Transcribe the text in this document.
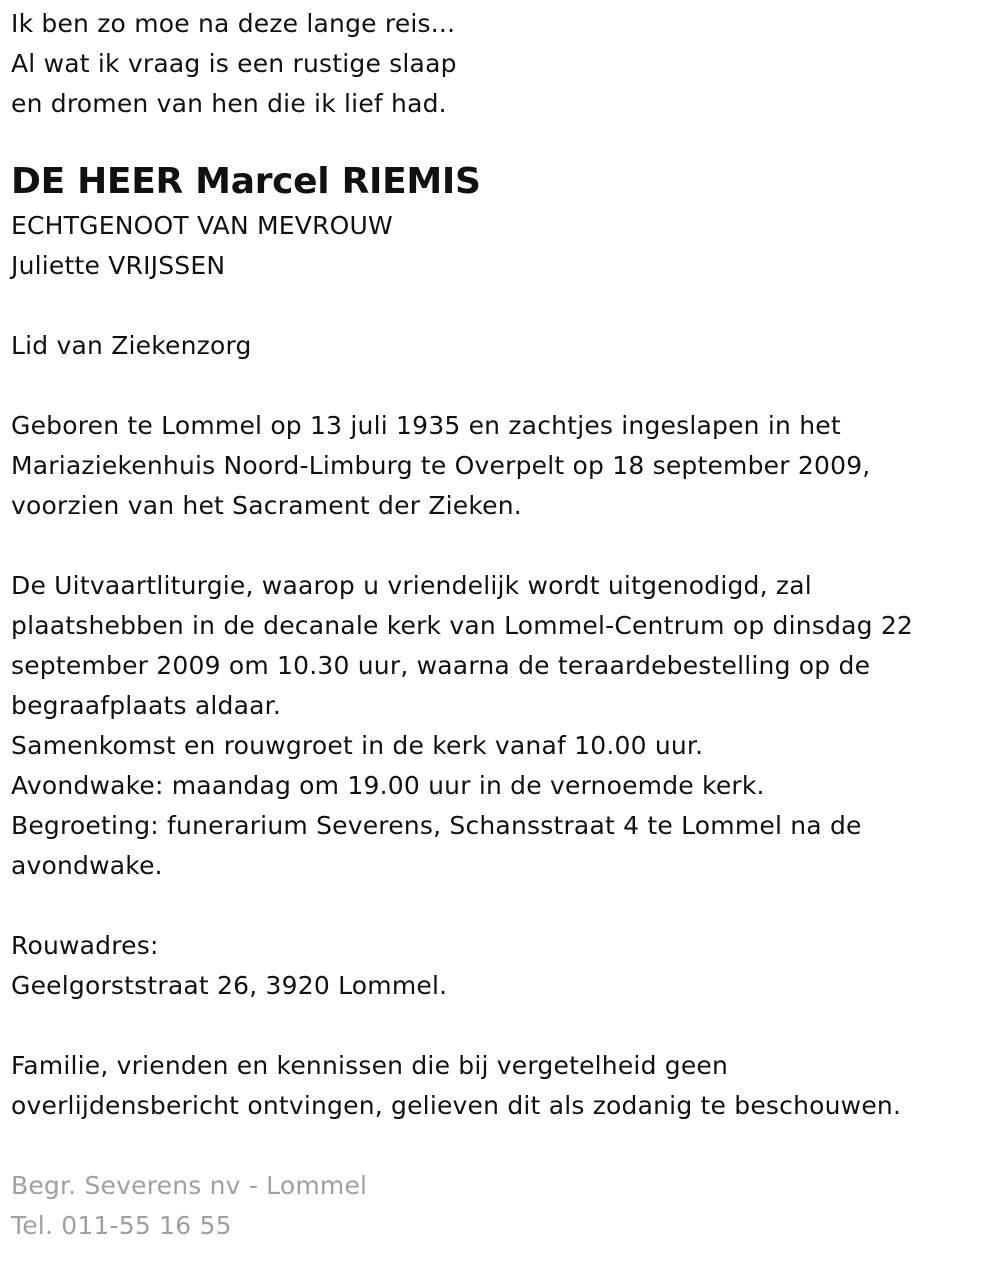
Ik ben zo moe na deze lange reis...
Al wat ik vraag is een rustige slaap
en dromen van hen die ik lief had.
DE HEER Marcel RIEMIS
ECHTGENOOT VAN MEVROUW
Juliette VRIJSSEN
Lid van Ziekenzorg
Geboren te Lommel op 13 juli 1935 en zachtjes ingeslapen in het
Mariaziekenhuis Noord-Limburg te Overpelt op 18 september 2009,
voorzien van het Sacrament der Zieken.
De Uitvaartliturgie, waarop u vriendelijk wordt uitgenodigd, zal
plaatshebben in de decanale kerk van Lommel-Centrum op dinsdag 22
september 2009 om 10.30 uur, waarna de teraardebestelling op de
begraafplaats aldaar.
Samenkomst en rouwgroet in de kerk vanaf 10.00 uur.
Avondwake: maandag om 19.00 uur in de vernoemde kerk.
Begroeting: funerarium Severens, Schansstraat 4 te Lommel na de
avondwake.
Rouwadres:
Geelgorststraat 26, 3920 Lommel.
Familie, vrienden en kennissen die bij vergetelheid geen
overlijdensbericht ontvingen, gelieven dit als zodanig te beschouwen.
Begr. Severens nv - Lommel
Tel. 011-55 16 55
